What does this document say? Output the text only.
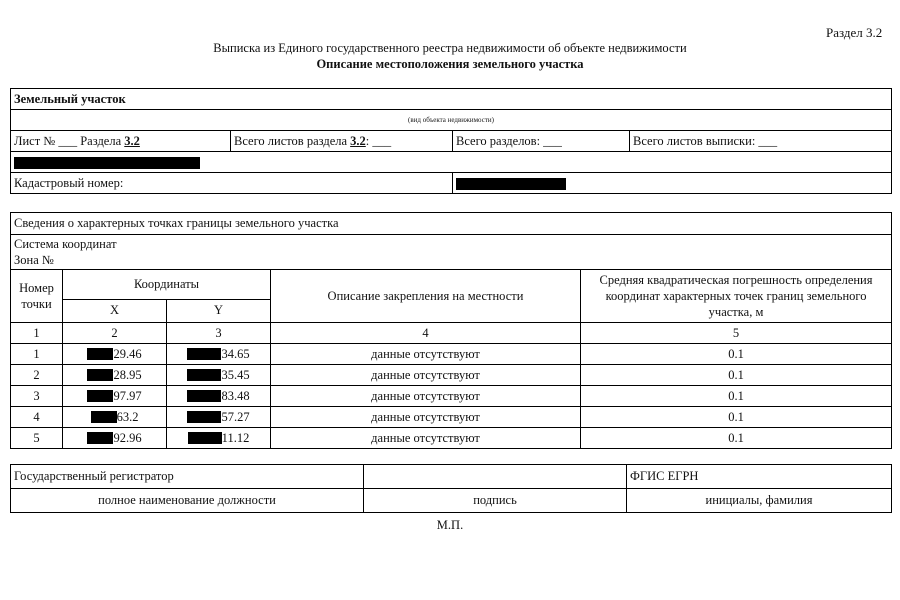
Раздел 3.2
Выписка из Единого государственного реестра недвижимости об объекте недвижимости
Описание местоположения земельного участка
Земельный участок			
(вид объекта недвижимости)			
Лист № ___ Раздела 3.2	Всего листов раздела 3.2: ___	Всего разделов: ___	Всего листов выписки: ___

Кадастровый номер:			
Сведения о характерных точках границы земельного участка				

Система координат
Зона №				

Номер точки	Координаты		Описание закрепления на местности	Средняя квадратическая погрешность определения координат характерных точек границ земельного участка, м
	X	Y		
1	2	3	4	5
1	29.46	34.65	данные отсутствуют	0.1
2	28.95	35.45	данные отсутствуют	0.1
3	97.97	83.48	данные отсутствуют	0.1
4	63.2	57.27	данные отсутствуют	0.1
5	92.96	11.12	данные отсутствуют	0.1
Государственный регистратор		ФГИС ЕГРН
полное наименование должности	подпись	инициалы, фамилия
М.П.
